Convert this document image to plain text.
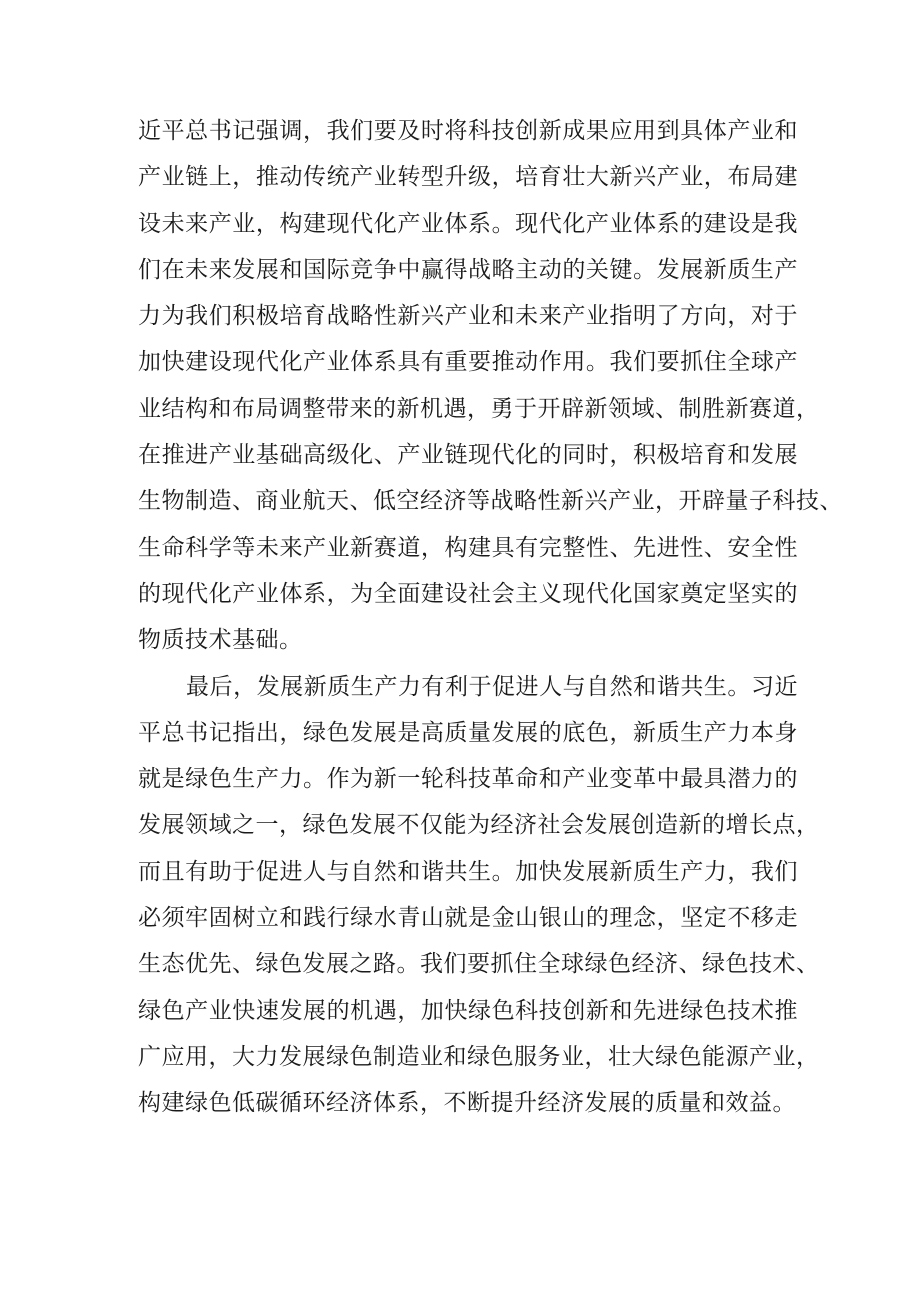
近平总书记强调，我们要及时将科技创新成果应用到具体产业和
产业链上，推动传统产业转型升级，培育壮大新兴产业，布局建
设未来产业，构建现代化产业体系。现代化产业体系的建设是我
们在未来发展和国际竞争中赢得战略主动的关键。发展新质生产
力为我们积极培育战略性新兴产业和未来产业指明了方向，对于
加快建设现代化产业体系具有重要推动作用。我们要抓住全球产
业结构和布局调整带来的新机遇，勇于开辟新领域、制胜新赛道，
在推进产业基础高级化、产业链现代化的同时，积极培育和发展
生物制造、商业航天、低空经济等战略性新兴产业，开辟量子科技、
生命科学等未来产业新赛道，构建具有完整性、先进性、安全性
的现代化产业体系，为全面建设社会主义现代化国家奠定坚实的
物质技术基础。
最后，发展新质生产力有利于促进人与自然和谐共生。习近
平总书记指出，绿色发展是高质量发展的底色，新质生产力本身
就是绿色生产力。作为新一轮科技革命和产业变革中最具潜力的
发展领域之一，绿色发展不仅能为经济社会发展创造新的增长点，
而且有助于促进人与自然和谐共生。加快发展新质生产力，我们
必须牢固树立和践行绿水青山就是金山银山的理念，坚定不移走
生态优先、绿色发展之路。我们要抓住全球绿色经济、绿色技术、
绿色产业快速发展的机遇，加快绿色科技创新和先进绿色技术推
广应用，大力发展绿色制造业和绿色服务业，壮大绿色能源产业，
构建绿色低碳循环经济体系，不断提升经济发展的质量和效益。
